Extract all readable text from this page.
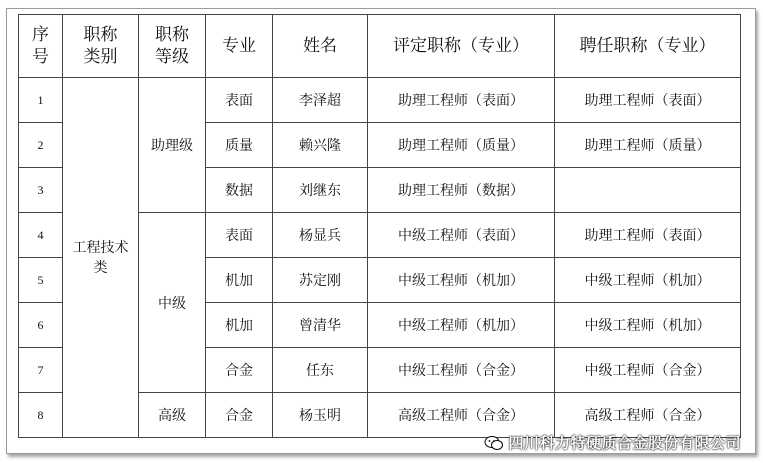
序号	职称类别	职称等级	专业	姓名	评定职称（专业）	聘任职称（专业）
1	工程技术类	助理级	表面	李泽超	助理工程师（表面）	助理工程师（表面）
2			质量	赖兴隆	助理工程师（质量）	助理工程师（质量）
3			数据	刘继东	助理工程师（数据）	
4		中级	表面	杨显兵	中级工程师（表面）	助理工程师（表面）
5			机加	苏定刚	中级工程师（机加）	中级工程师（机加）
6			机加	曾清华	中级工程师（机加）	中级工程师（机加）
7			合金	任东	中级工程师（合金）	中级工程师（合金）
8		高级	合金	杨玉明	高级工程师（合金）	高级工程师（合金）
四川科力特硬质合金股份有限公司
